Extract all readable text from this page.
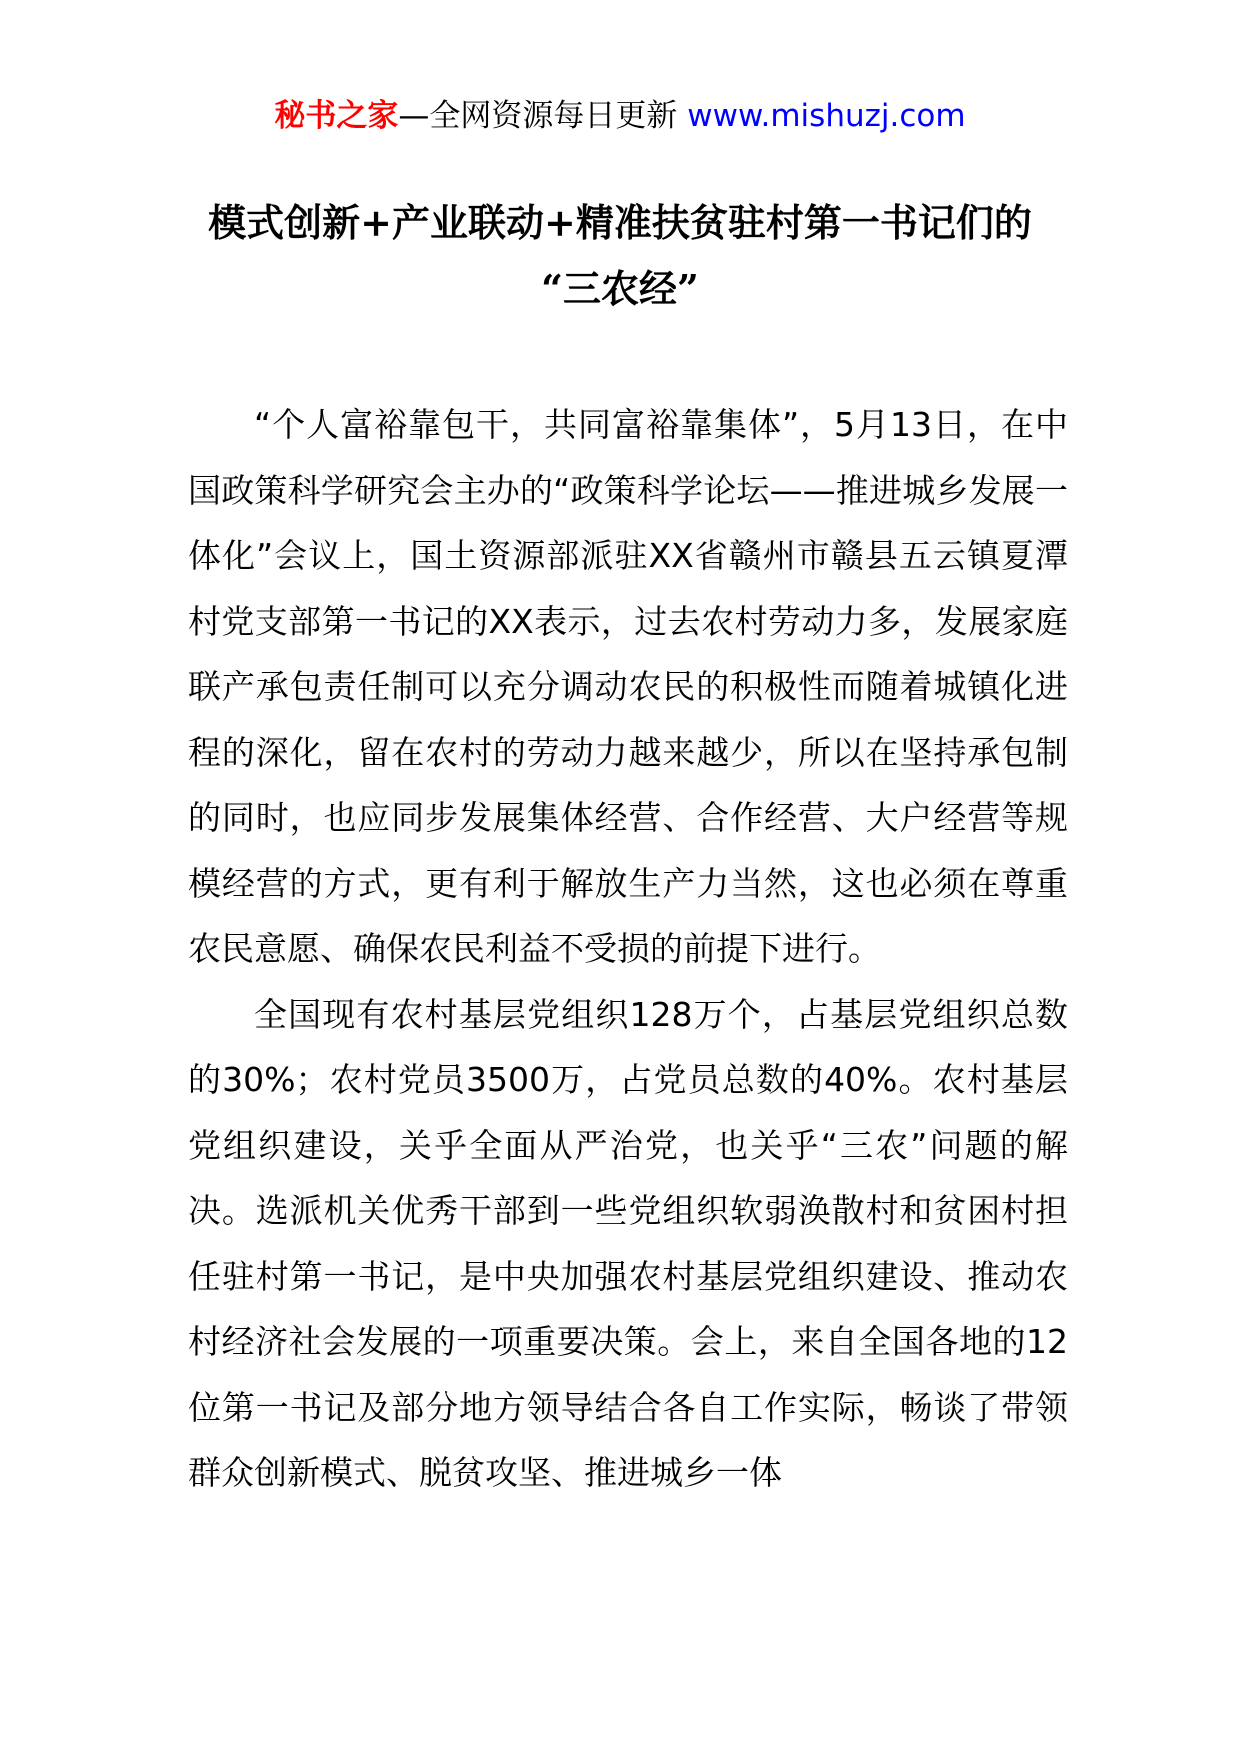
秘书之家—全网资源每日更新 www.mishuzj.com
模式创新+产业联动+精准扶贫驻村第一书记们的
“三农经”

“个人富裕靠包干，共同富裕靠集体”，5月13日，在中国政策科学研究会主办的“政策科学论坛——推进城乡发展一体化”会议上，国土资源部派驻XX省赣州市赣县五云镇夏潭村党支部第一书记的XX表示，过去农村劳动力多，发展家庭联产承包责任制可以充分调动农民的积极性而随着城镇化进程的深化，留在农村的劳动力越来越少，所以在坚持承包制的同时，也应同步发展集体经营、合作经营、大户经营等规模经营的方式，更有利于解放生产力当然，这也必须在尊重农民意愿、确保农民利益不受损的前提下进行。

全国现有农村基层党组织128万个，占基层党组织总数的30%；农村党员3500万，占党员总数的40%。农村基层党组织建设，关乎全面从严治党，也关乎“三农”问题的解决。选派机关优秀干部到一些党组织软弱涣散村和贫困村担任驻村第一书记，是中央加强农村基层党组织建设、推动农村经济社会发展的一项重要决策。会上，来自全国各地的12位第一书记及部分地方领导结合各自工作实际，畅谈了带领群众创新模式、脱贫攻坚、推进城乡一体
